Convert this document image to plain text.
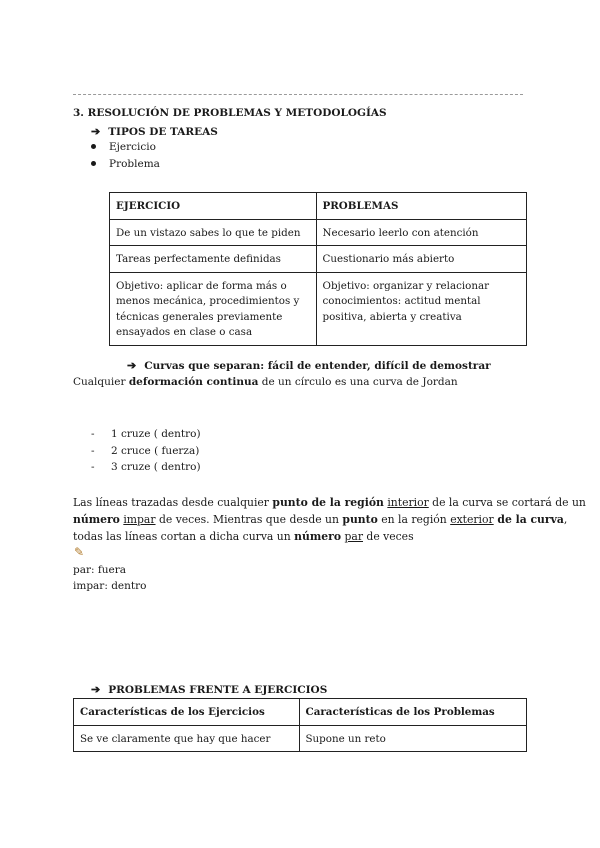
3. RESOLUCIÓN DE PROBLEMAS Y METODOLOGÍAS
➔ TIPOS DE TAREAS
Ejercicio
Problema
EJERCICIO	PROBLEMAS
De un vistazo sabes lo que te piden	Necesario leerlo con atención
Tareas perfectamente definidas	Cuestionario más abierto
Objetivo: aplicar de forma más o menos mecánica, procedimientos y técnicas generales previamente ensayados en clase o casa	Objetivo: organizar y relacionar conocimientos: actitud mental positiva, abierta y creativa
➔ Curvas que separan: fácil de entender, difícil de demostrar
Cualquier deformación continua de un círculo es una curva de Jordan
- 1 cruze ( dentro)
- 2 cruce ( fuerza)
- 3 cruze ( dentro)
Las líneas trazadas desde cualquier punto de la región interior de la curva se cortará de un
número impar de veces. Mientras que desde un punto en la región exterior de la curva,
todas las líneas cortan a dicha curva un número par de veces
✎
par: fuera
impar: dentro
➔ PROBLEMAS FRENTE A EJERCICIOS
Características de los Ejercicios	Características de los Problemas
Se ve claramente que hay que hacer	Supone un reto
